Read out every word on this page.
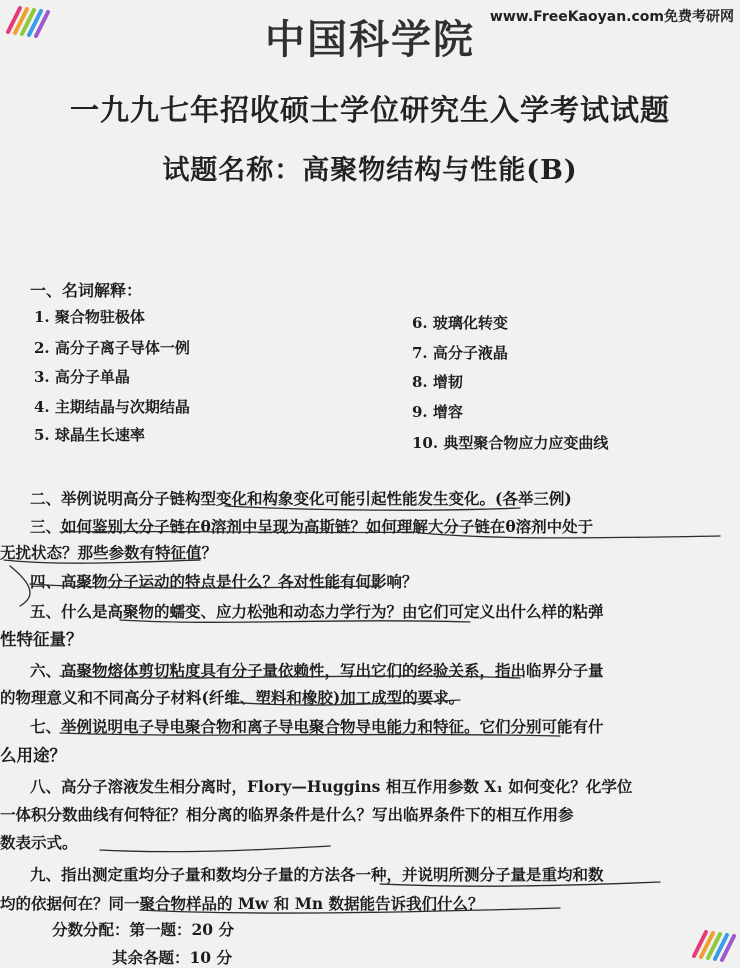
www.FreeKaoyan.com免费考研网
中国科学院
一九九七年招收硕士学位研究生入学考试试题
试题名称：高聚物结构与性能(B)
一、名词解释：
1. 聚合物驻极体
2. 高分子离子导体一例
3. 高分子单晶
4. 主期结晶与次期结晶
5. 球晶生长速率
6. 玻璃化转变
7. 高分子液晶
8. 增韧
9. 增容
10. 典型聚合物应力应变曲线
二、举例说明高分子链构型变化和构象变化可能引起性能发生变化。(各举三例)
三、如何鉴别大分子链在θ溶剂中呈现为高斯链？如何理解大分子链在θ溶剂中处于
无扰状态？那些参数有特征值？
四、高聚物分子运动的特点是什么？各对性能有何影响？
五、什么是高聚物的蠕变、应力松弛和动态力学行为？由它们可定义出什么样的粘弹
性特征量？
六、高聚物熔体剪切粘度具有分子量依赖性，写出它们的经验关系，指出临界分子量
的物理意义和不同高分子材料(纤维、塑料和橡胶)加工成型的要求。
七、举例说明电子导电聚合物和离子导电聚合物导电能力和特征。它们分别可能有什
么用途？
八、高分子溶液发生相分离时，Flory—Huggins 相互作用参数 X₁ 如何变化？化学位
一体积分数曲线有何特征？相分离的临界条件是什么？写出临界条件下的相互作用参
数表示式。
九、指出测定重均分子量和数均分子量的方法各一种，并说明所测分子量是重均和数
均的依据何在？同一聚合物样品的 Mw 和 Mn 数据能告诉我们什么？
分数分配：第一题：20 分
其余各题：10 分
